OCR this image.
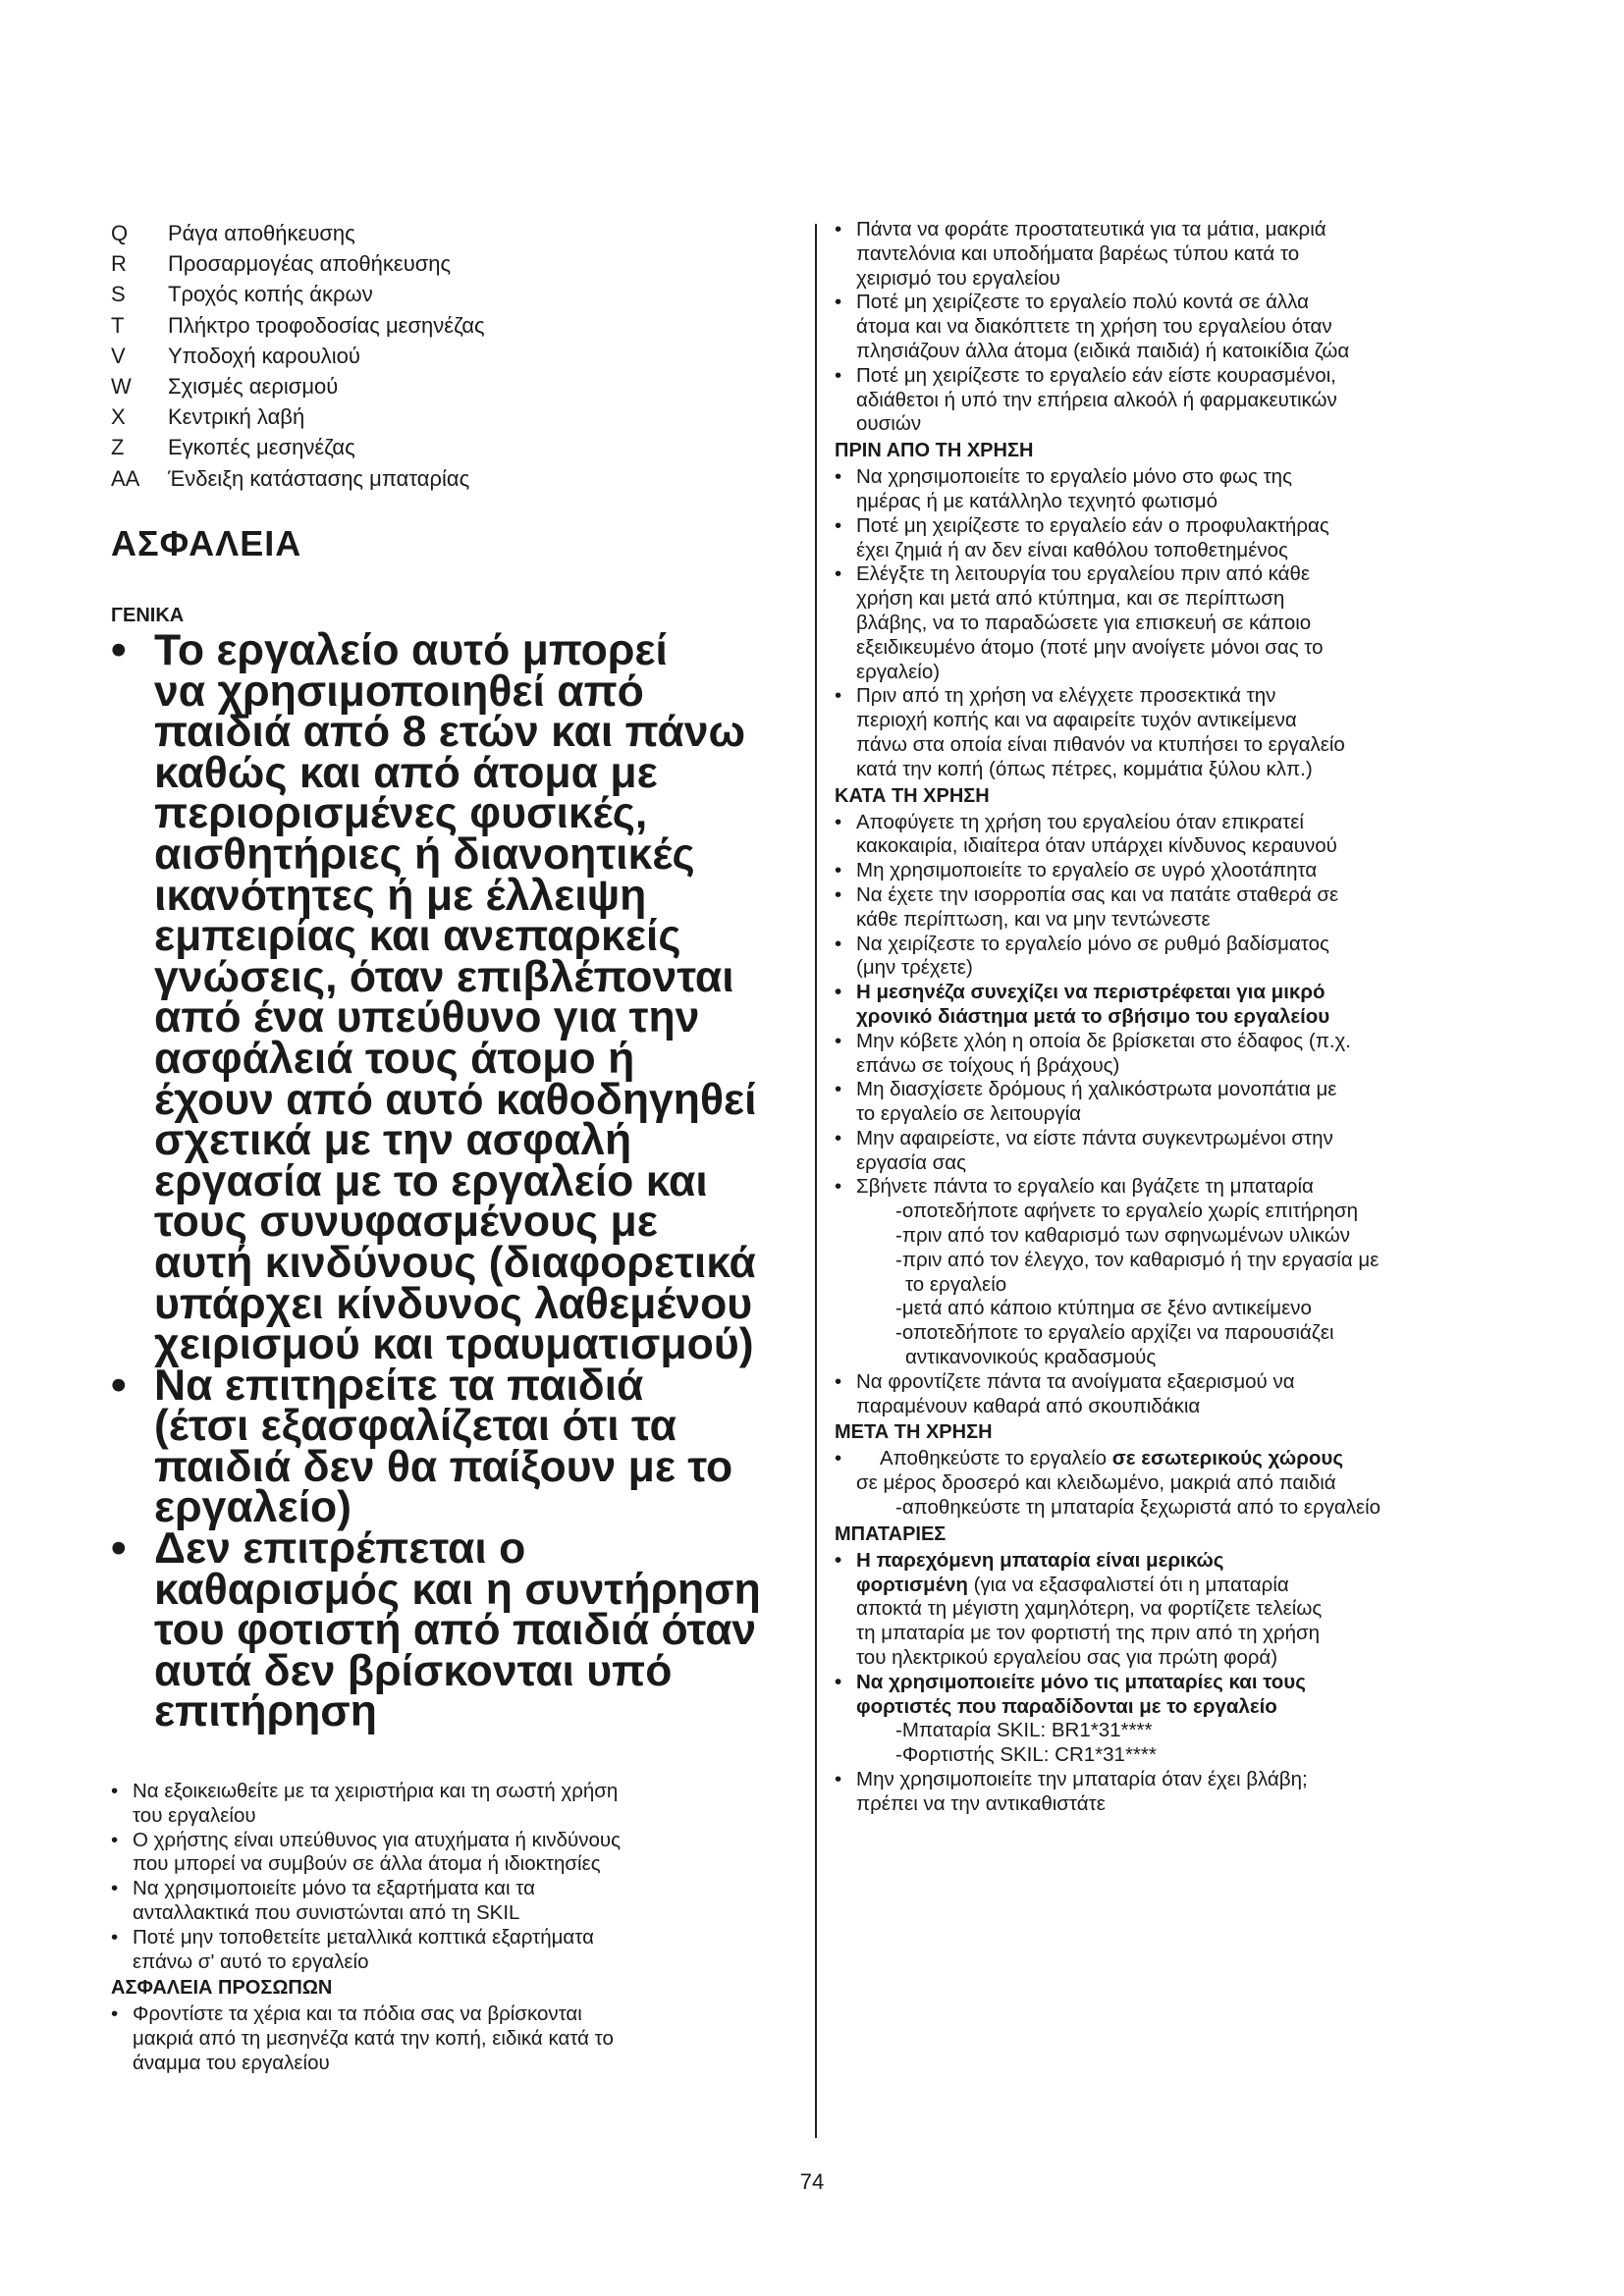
Q	Ράγα αποθήκευσης
R	Προσαρμογέας αποθήκευσης
S	Τροχός κοπής άκρων
T	Πλήκτρο τροφοδοσίας μεσηνέζας
V	Υποδοχή καρουλιού
W	Σχισμές αερισμού
X	Κεντρική λαβή
Z	Εγκοπές μεσηνέζας
AA	Ένδειξη κατάστασης μπαταρίας
ΑΣΦΑΛΕΙΑ
ΓΕΝΙΚΑ
• Το εργαλείο αυτό μπορεί
να χρησιμοποιηθεί από
παιδιά από 8 ετών και πάνω
καθώς και από άτομα με
περιορισμένες φυσικές,
αισθητήριες ή διανοητικές
ικανότητες ή με έλλειψη
εμπειρίας και ανεπαρκείς
γνώσεις, όταν επιβλέπονται
από ένα υπεύθυνο για την
ασφάλειά τους άτομο ή
έχουν από αυτό καθοδηγηθεί
σχετικά με την ασφαλή
εργασία με το εργαλείο και
τους συνυφασμένους με
αυτή κινδύνους (διαφορετικά
υπάρχει κίνδυνος λαθεμένου
χειρισμού και τραυματισμού)
• Να επιτηρείτε τα παιδιά
(έτσι εξασφαλίζεται ότι τα
παιδιά δεν θα παίξουν με το
εργαλείο)
• Δεν επιτρέπεται ο
καθαρισμός και η συντήρηση
του φοτιστή από παιδιά όταν
αυτά δεν βρίσκονται υπό
επιτήρηση
• Να εξοικειωθείτε με τα χειριστήρια και τη σωστή χρήση
του εργαλείου
• Ο χρήστης είναι υπεύθυνος για ατυχήματα ή κινδύνους
που μπορεί να συμβούν σε άλλα άτομα ή ιδιοκτησίες
• Να χρησιμοποιείτε μόνο τα εξαρτήματα και τα
ανταλλακτικά που συνιστώνται από τη SKIL
• Ποτέ μην τοποθετείτε μεταλλικά κοπτικά εξαρτήματα
επάνω σ' αυτό το εργαλείο
ΑΣΦΑΛΕΙΑ ΠΡΟΣΩΠΩΝ
• Φροντίστε τα χέρια και τα πόδια σας να βρίσκονται
μακριά από τη μεσηνέζα κατά την κοπή, ειδικά κατά το
άναμμα του εργαλείου
• Πάντα να φοράτε προστατευτικά για τα μάτια, μακριά
παντελόνια και υποδήματα βαρέως τύπου κατά το
χειρισμό του εργαλείου
• Ποτέ μη χειρίζεστε το εργαλείο πολύ κοντά σε άλλα
άτομα και να διακόπτετε τη χρήση του εργαλείου όταν
πλησιάζουν άλλα άτομα (ειδικά παιδιά) ή κατοικίδια ζώα
• Ποτέ μη χειρίζεστε το εργαλείο εάν είστε κουρασμένοι,
αδιάθετοι ή υπό την επήρεια αλκοόλ ή φαρμακευτικών
ουσιών
ΠΡΙΝ ΑΠΟ ΤΗ ΧΡΗΣΗ
• Να χρησιμοποιείτε το εργαλείο μόνο στο φως της
ημέρας ή με κατάλληλο τεχνητό φωτισμό
• Ποτέ μη χειρίζεστε το εργαλείο εάν ο προφυλακτήρας
έχει ζημιά ή αν δεν είναι καθόλου τοποθετημένος
• Ελέγξτε τη λειτουργία του εργαλείου πριν από κάθε
χρήση και μετά από κτύπημα, και σε περίπτωση
βλάβης, να το παραδώσετε για επισκευή σε κάποιο
εξειδικευμένο άτομο (ποτέ μην ανοίγετε μόνοι σας το
εργαλείο)
• Πριν από τη χρήση να ελέγχετε προσεκτικά την
περιοχή κοπής και να αφαιρείτε τυχόν αντικείμενα
πάνω στα οποία είναι πιθανόν να κτυπήσει το εργαλείο
κατά την κοπή (όπως πέτρες, κομμάτια ξύλου κλπ.)
ΚΑΤΑ ΤΗ ΧΡΗΣΗ
• Αποφύγετε τη χρήση του εργαλείου όταν επικρατεί
κακοκαιρία, ιδιαίτερα όταν υπάρχει κίνδυνος κεραυνού
• Μη χρησιμοποιείτε το εργαλείο σε υγρό χλοοτάπητα
• Να έχετε την ισορροπία σας και να πατάτε σταθερά σε
κάθε περίπτωση, και να μην τεντώνεστε
• Να χειρίζεστε το εργαλείο μόνο σε ρυθμό βαδίσματος
(μην τρέχετε)
• Η μεσηνέζα συνεχίζει να περιστρέφεται για μικρό
χρονικό διάστημα μετά το σβήσιμο του εργαλείου
• Μην κόβετε χλόη η οποία δε βρίσκεται στο έδαφος (π.χ.
επάνω σε τοίχους ή βράχους)
• Μη διασχίσετε δρόμους ή χαλικόστρωτα μονοπάτια με
το εργαλείο σε λειτουργία
• Μην αφαιρείστε, να είστε πάντα συγκεντρωμένοι στην
εργασία σας
• Σβήνετε πάντα το εργαλείο και βγάζετε τη μπαταρία
-οποτεδήποτε αφήνετε το εργαλείο χωρίς επιτήρηση
-πριν από τον καθαρισμό των σφηνωμένων υλικών
-πριν από τον έλεγχο, τον καθαρισμό ή την εργασία με
το εργαλείο
-μετά από κάποιο κτύπημα σε ξένο αντικείμενο
-οποτεδήποτε το εργαλείο αρχίζει να παρουσιάζει
αντικανονικούς κραδασμούς
• Να φροντίζετε πάντα τα ανοίγματα εξαερισμού να
παραμένουν καθαρά από σκουπιδάκια
ΜΕΤΑ ΤΗ ΧΡΗΣΗ
•	Αποθηκεύστε το εργαλείο σε εσωτερικούς χώρους
σε μέρος δροσερό και κλειδωμένο, μακριά από παιδιά
-αποθηκεύστε τη μπαταρία ξεχωριστά από το εργαλείο
ΜΠΑΤΑΡΙΕΣ
• Η παρεχόμενη μπαταρία είναι μερικώς
φορτισμένη (για να εξασφαλιστεί ότι η μπαταρία
αποκτά τη μέγιστη χαμηλότερη, να φορτίζετε τελείως
τη μπαταρία με τον φορτιστή της πριν από τη χρήση
του ηλεκτρικού εργαλείου σας για πρώτη φορά)
• Να χρησιμοποιείτε μόνο τις μπαταρίες και τους
φορτιστές που παραδίδονται με το εργαλείο
-Μπαταρία SKIL: BR1*31****
-Φορτιστής SKIL: CR1*31****
• Μην χρησιμοποιείτε την μπαταρία όταν έχει βλάβη;
πρέπει να την αντικαθιστάτε
74
